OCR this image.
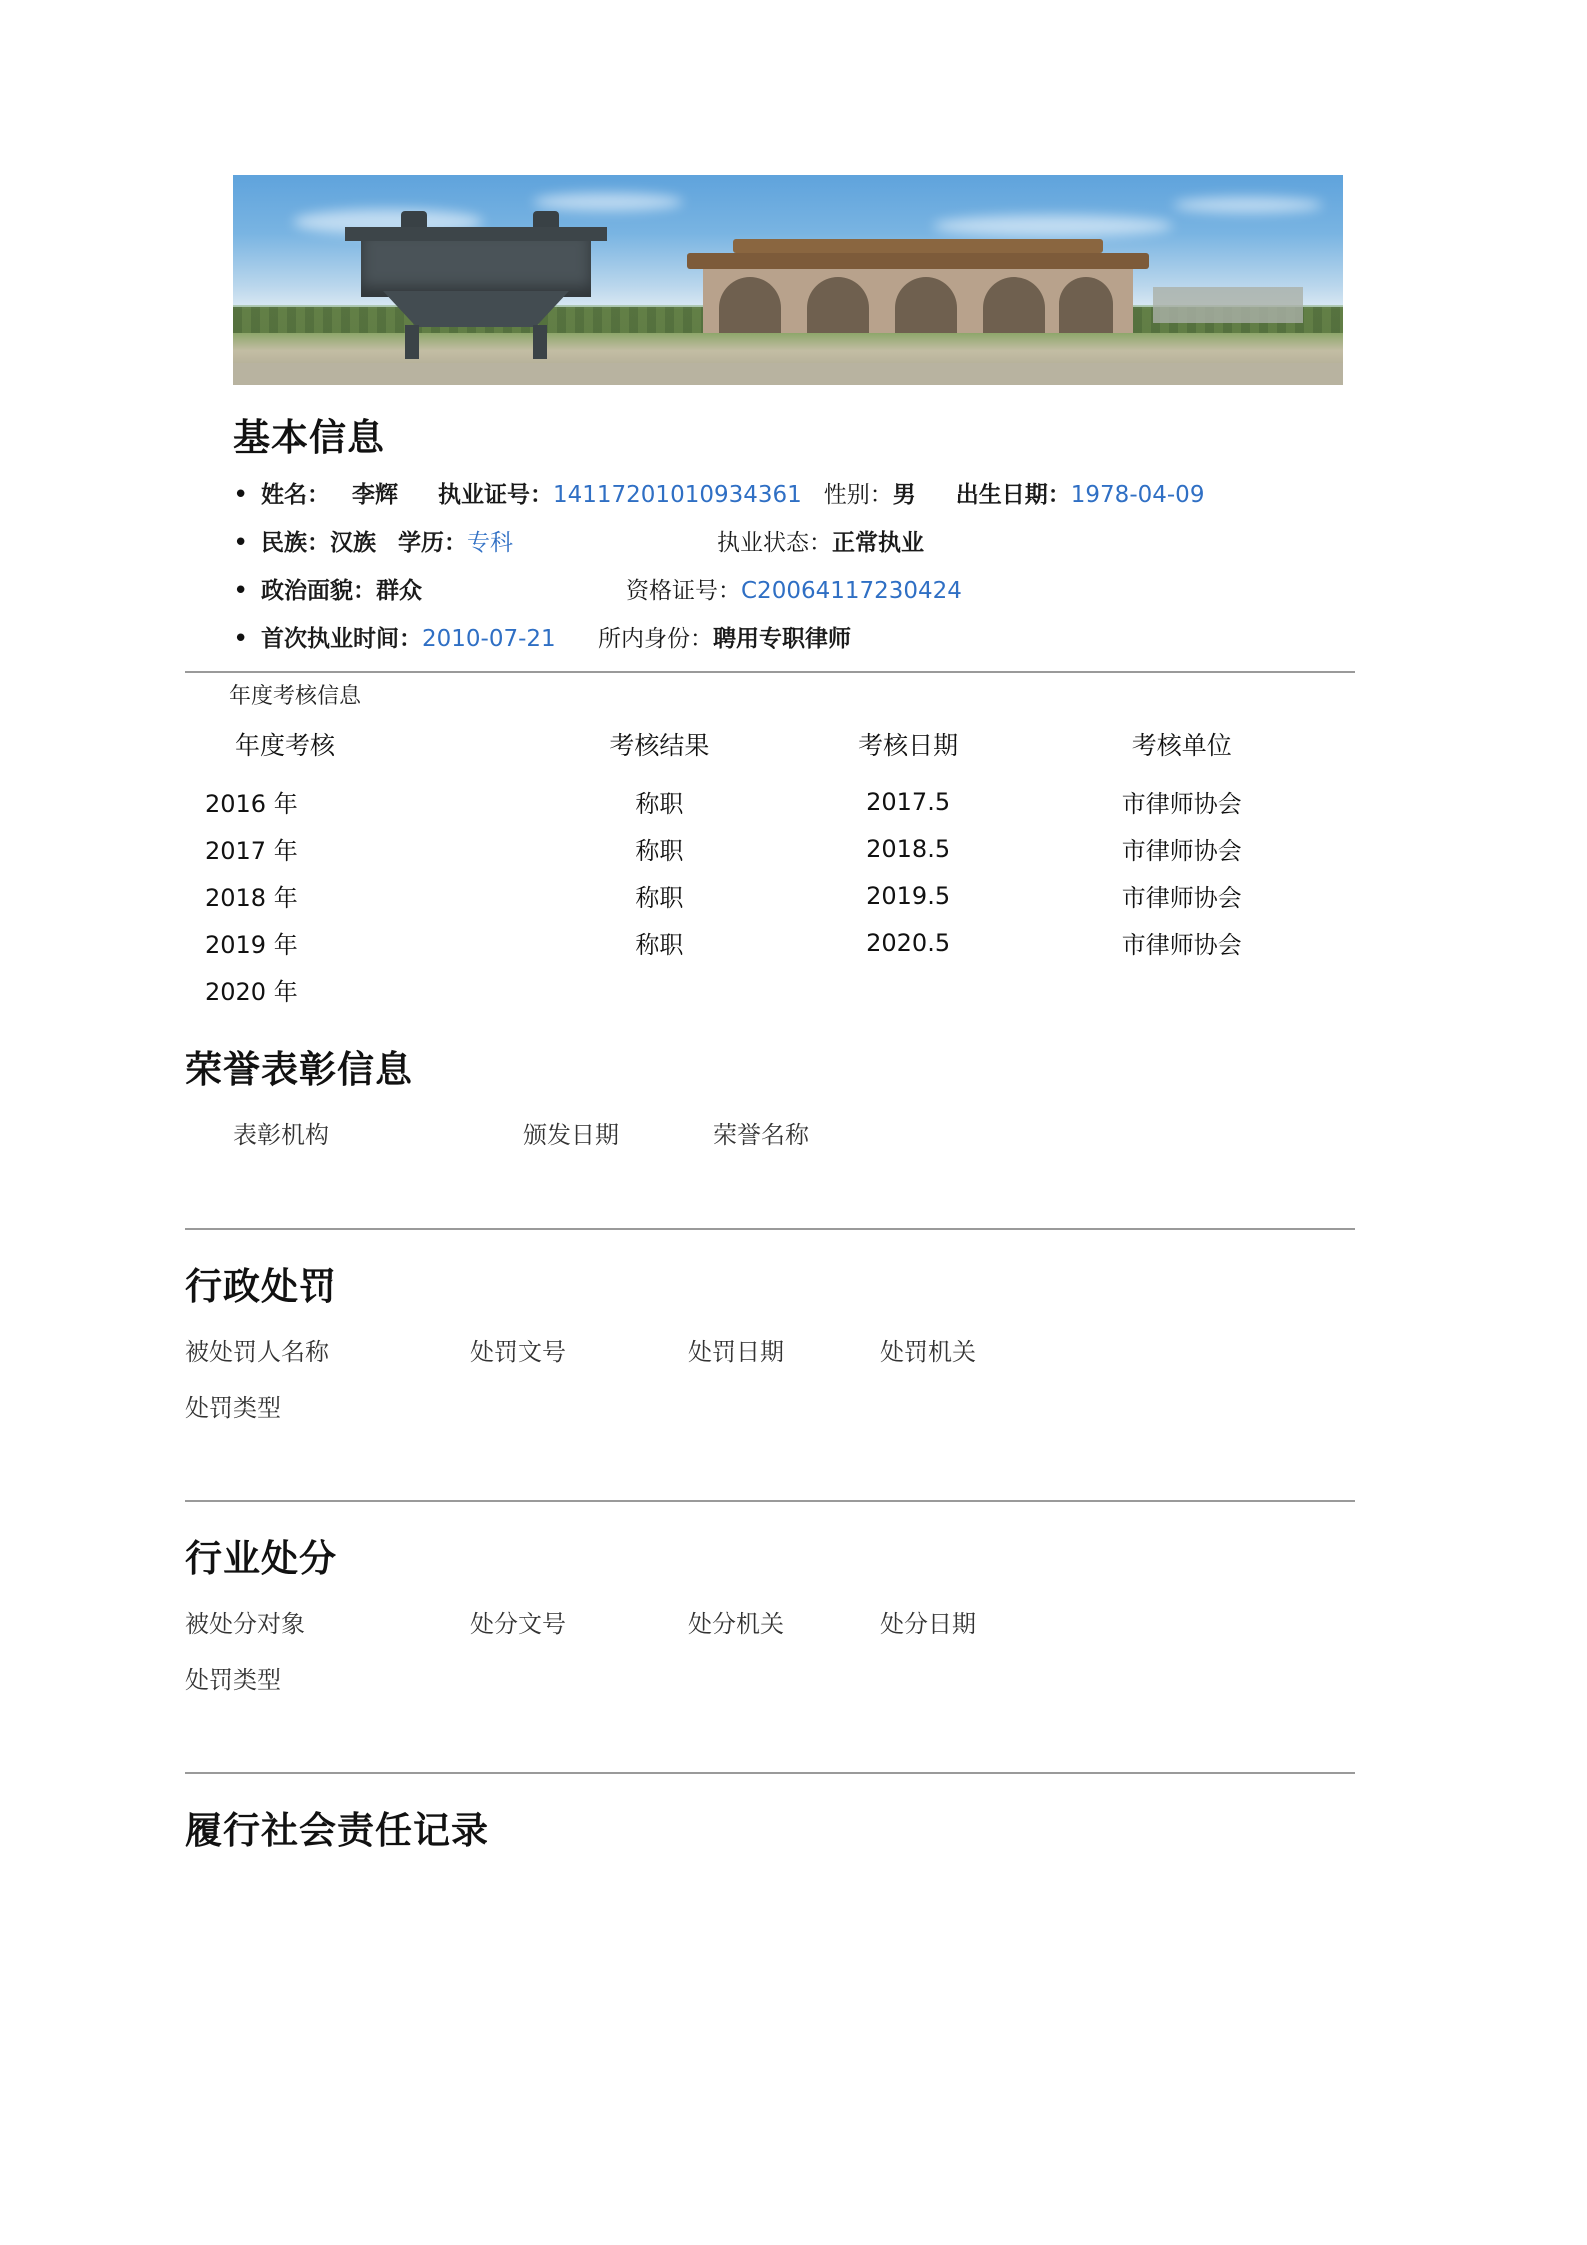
基本信息
• 姓名： 李辉 执业证号：14117201010934361 性别：男 出生日期：1978-04-09
• 民族：汉族 学历：专科	执业状态：正常执业
• 政治面貌：群众	资格证号：C20064117230424
• 首次执业时间：2010-07-21 所内身份：聘用专职律师
年度考核信息
年度考核	考核结果	考核日期	考核单位
2016 年	称职	2017.5	市律师协会
2017 年	称职	2018.5	市律师协会
2018 年	称职	2019.5	市律师协会
2019 年	称职	2020.5	市律师协会
2020 年			
荣誉表彰信息
表彰机构	颁发日期	荣誉名称
行政处罚
被处罚人名称	处罚文号	处罚日期	处罚机关
处罚类型
行业处分
被处分对象	处分文号	处分机关	处分日期
处罚类型
履行社会责任记录
